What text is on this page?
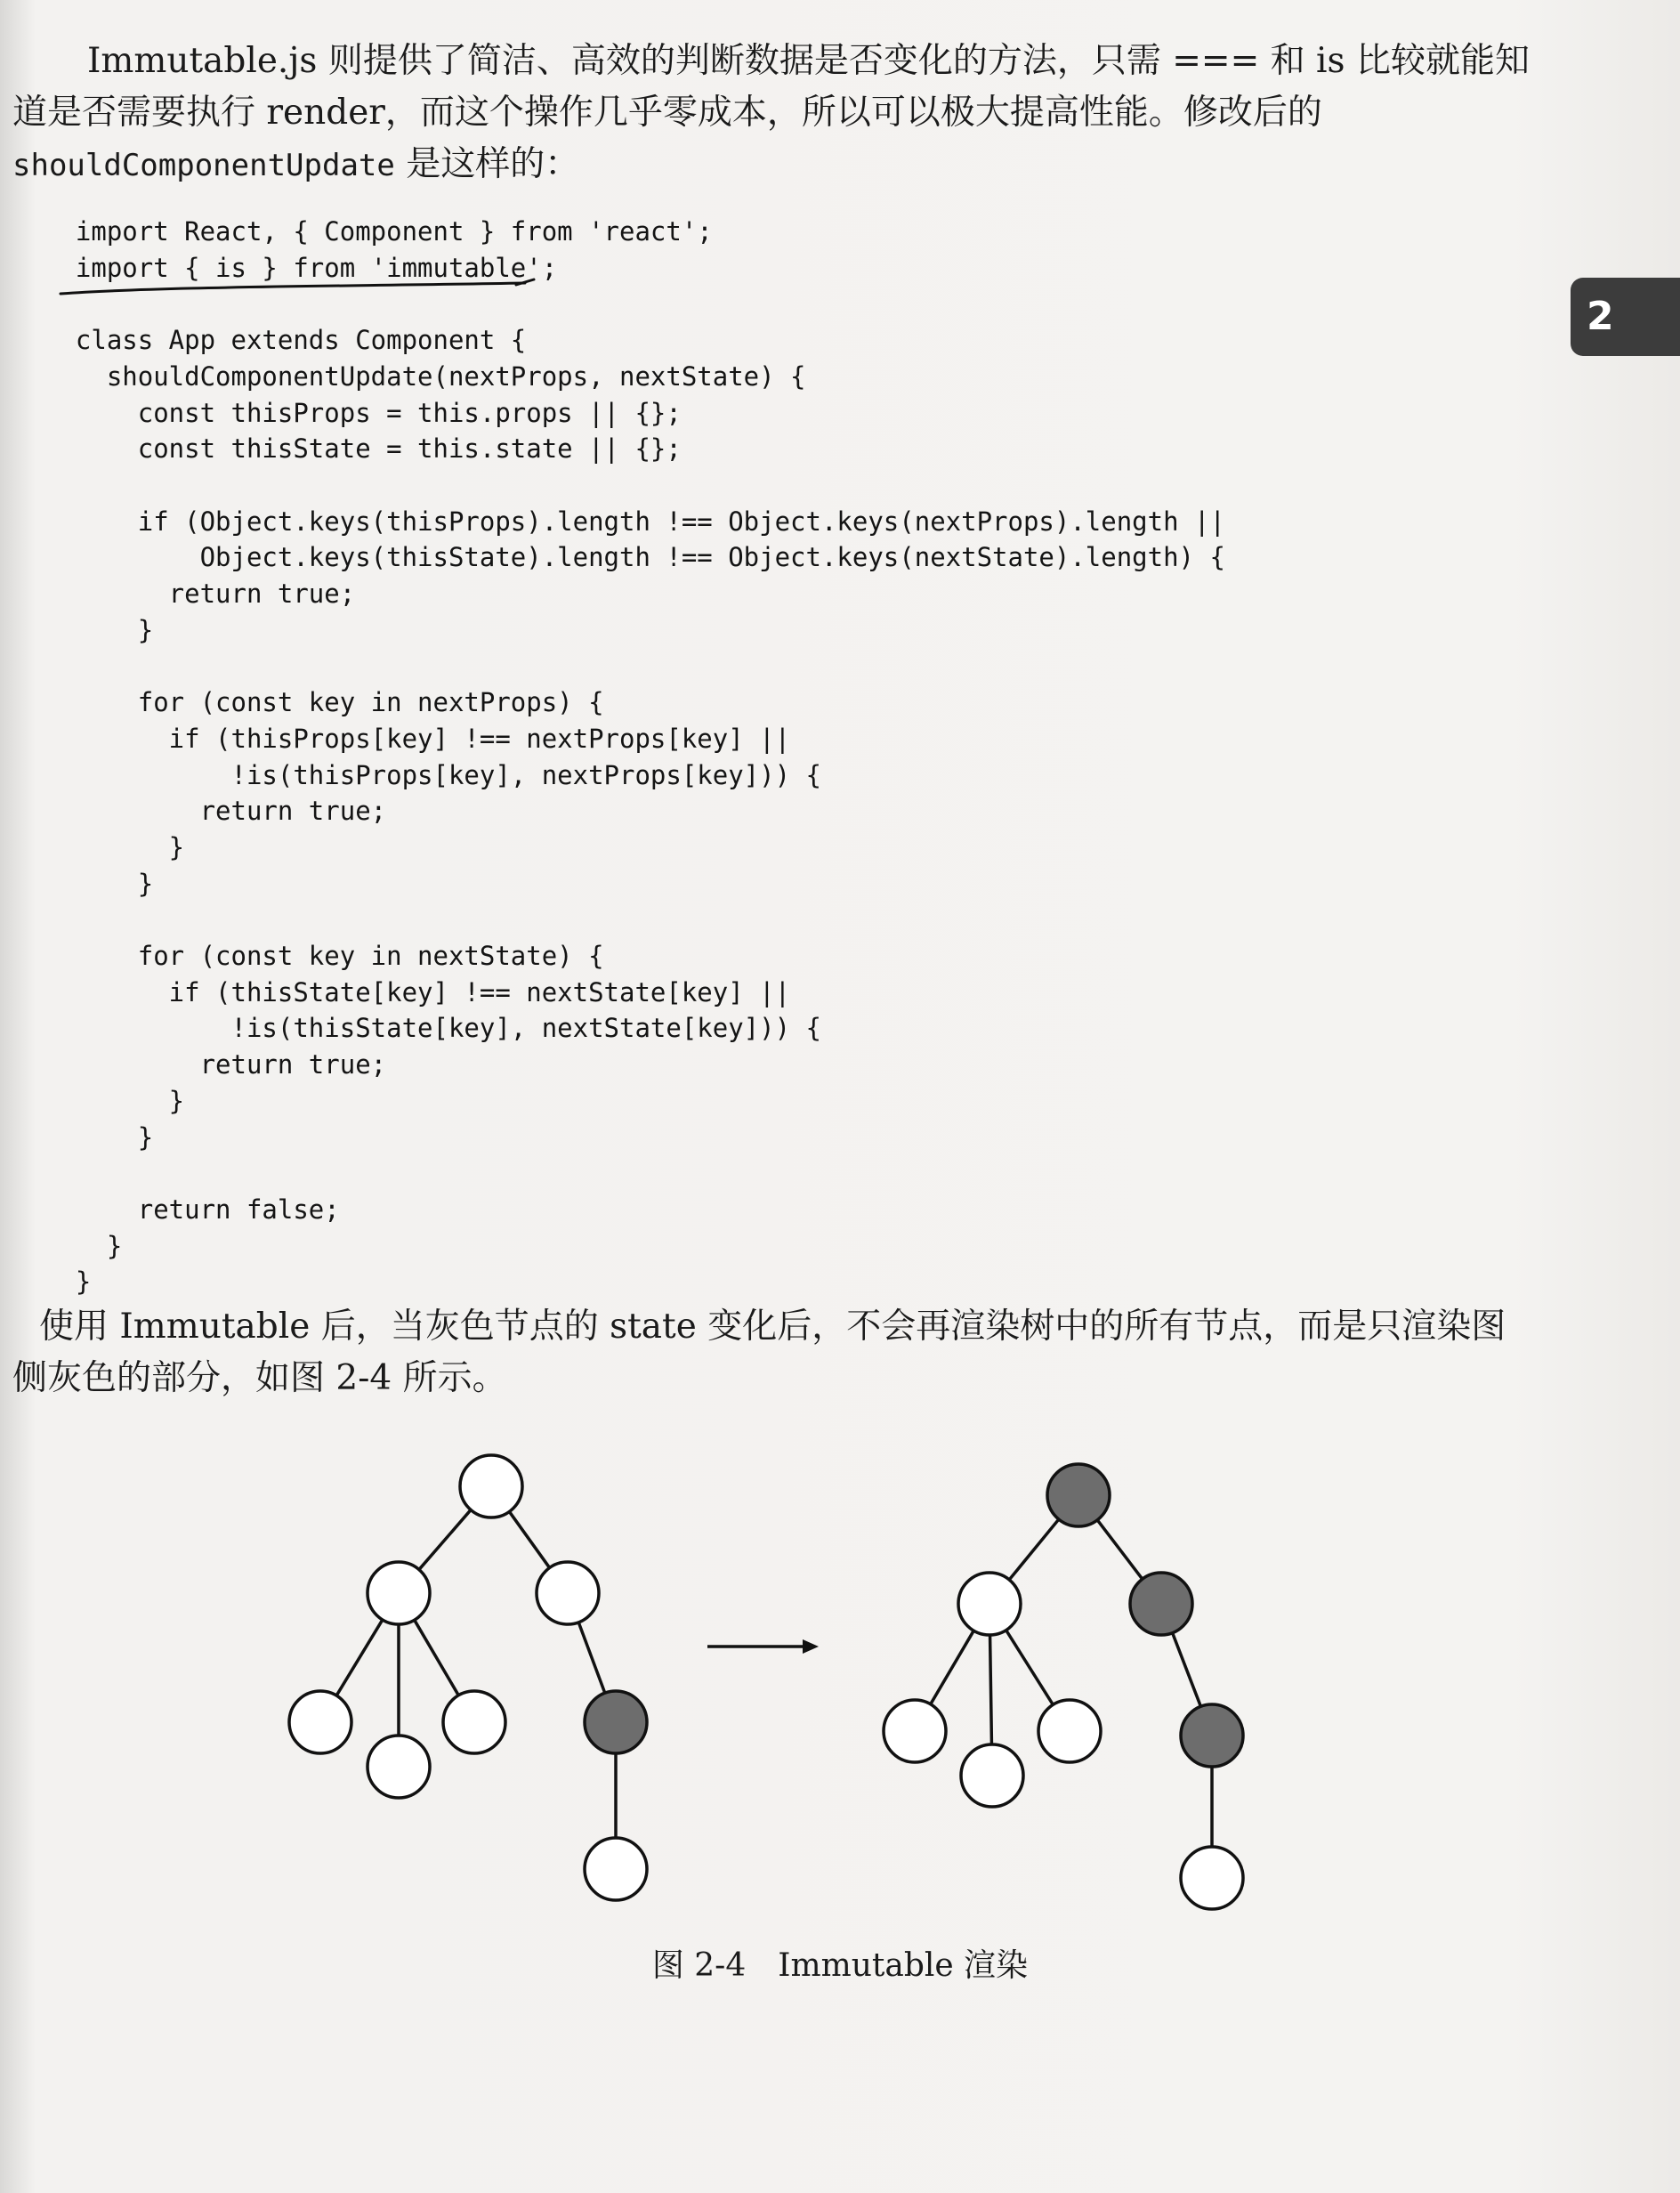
2
Immutable.js 则提供了简洁、高效的判断数据是否变化的方法，只需 === 和 is 比较就能知
道是否需要执行 render，而这个操作几乎零成本，所以可以极大提高性能。修改后的
shouldComponentUpdate 是这样的：
import React, { Component } from 'react';
import { is } from 'immutable';

class App extends Component {
shouldComponentUpdate(nextProps, nextState) {
const thisProps = this.props || {};
const thisState = this.state || {};

if (Object.keys(thisProps).length !== Object.keys(nextProps).length ||
Object.keys(thisState).length !== Object.keys(nextState).length) {
return true;
}

for (const key in nextProps) {
if (thisProps[key] !== nextProps[key] ||
!is(thisProps[key], nextProps[key])) {
return true;
}
}

for (const key in nextState) {
if (thisState[key] !== nextState[key] ||
!is(thisState[key], nextState[key])) {
return true;
}
}

return false;
}
}
使用 Immutable 后，当灰色节点的 state 变化后，不会再渲染树中的所有节点，而是只渲染图
侧灰色的部分，如图 2-4 所示。
图 2-4 Immutable 渲染
